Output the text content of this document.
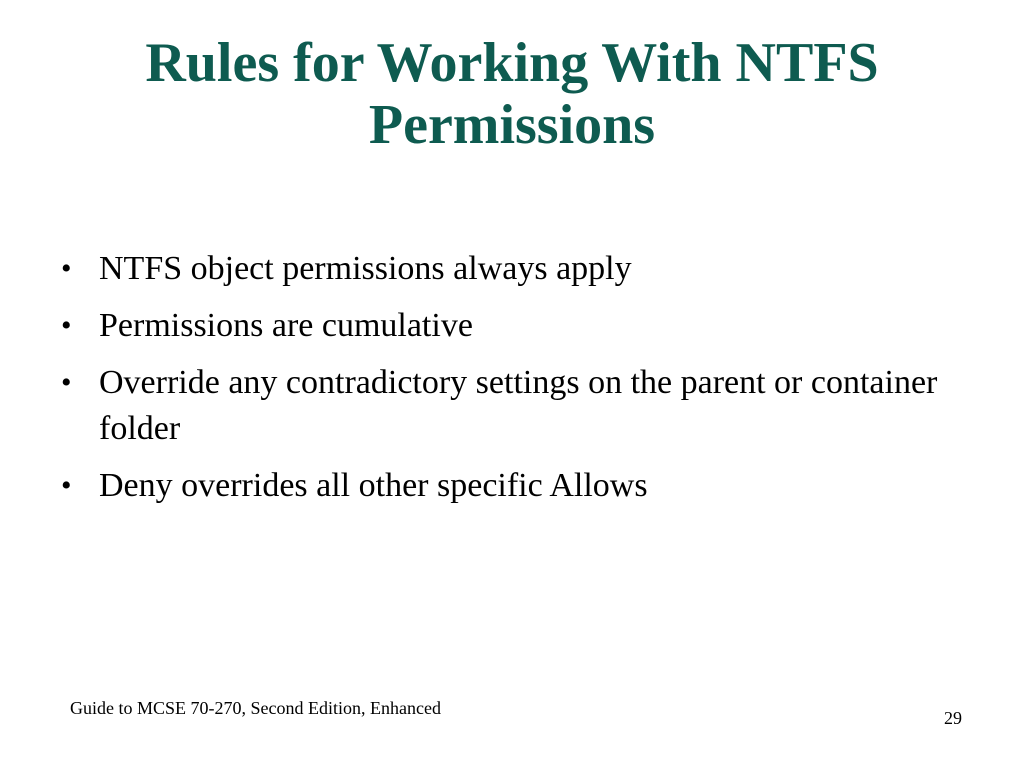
Rules for Working With NTFS
Permissions
• NTFS object permissions always apply
• Permissions are cumulative
• Override any contradictory settings on the parent or container folder
• Deny overrides all other specific Allows
Guide to MCSE 70-270, Second Edition, Enhanced	29
